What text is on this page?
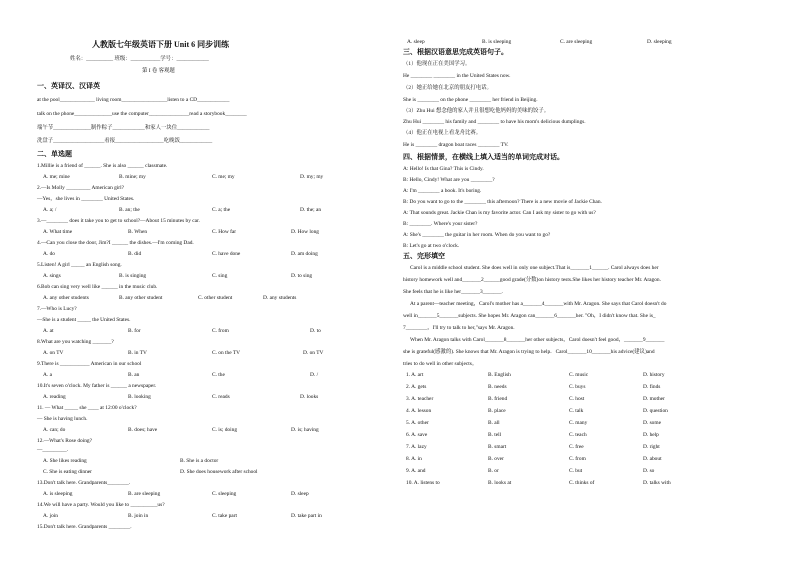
人教版七年级英语下册 Unit 6 同步训练
姓名：__________ 班级：___________学号：____________
第 I 卷 客观题
一、英译汉、汉译英
at the pool_____________ living room_________________listen to a CD____________
talk on the phone______________use the computer_______________read a storybook________
端午节______________制作粽子____________和家人一块住____________
洗盘子___________________看报__________________吃晚饭____________
二、单选题
1.Millie is a friend of ______. She is also ______ classmate.
A. me; mine	B. mine; my	C. me; my	D. my; my
2.—Is Molly _________ American girl?
—Yes，she lives in ________ United States.
A. a; /	B. an; the	C. a; the	D. the; an
3.—________ does it take you to get to school?—About 15 minutes by car.
A. What time	B. When	C. How far	D. How long
4.—Can you close the door, Jim?I ______ the dishes.—I'm coming Dad.
A. do	B. did	C. have done	D. am doing
5.Listen! A girl _____ an English song.
A. sings	B. is singing	C. sing	D. to sing
6.Bob can sing very well like ______ in the music club.
A. any other students	B. any other student	C. other student	D. any students
7.—Who is Lucy?
—She is a student _____ the United States.
A. at	B. for	C. from	D. to
8.What are you watching _______?
A. on TV	B. in TV	C. on the TV	D. on TV
9.There is ___________ American in our school
A. a	B. an	C. the	D. /
10.It's seven o'clock. My father is ______ a newspaper.
A. reading	B. looking	C. reads	D. looks
11. — What _____ she ____ at 12:00 o'clock?
— She is having lunch.
A. can; do	B. does; have	C. is; doing	D. is; having
12.—What's Rose doing?
—_________.
A. She likes reading	B. She is a doctor
C. She is eating dinner	D. She does housework after school
13.Don't talk here. Grandparents________.
A. is sleeping	B. are sleeping	C. sleeping	D. sleep
14.We will have a party. Would you like to __________us?
A. join	B. join in	C. take part	D. take part in
15.Don't talk here. Grandparents ________.
A. sleep	B. is sleeping	C. are sleeping	D. sleeping
三、根据汉语意思完成英语句子。
（1）他现在正在美国学习。
He ________ ________ in the United States now.
（2）她正给她在北京的朋友打电话。
She is ________ on the phone ________ her friend in Beijing.
（3）Zhu Hui 想念他的家人并且很想吃他妈妈的美味的饺子。
Zhu Hui ________ his family and ________ to have his mom's delicious dumplings.
（4）他正在电视上看龙舟比赛。
He is ________ dragon boat races ________ TV.
四、根据情景，在横线上填入适当的单词完成对话。
A: Hello! Is that Gina? This is Cindy.
B: Hello, Cindy! What are you ________?
A: I'm ________ a book. It's boring.
B: Do you want to go to the ________ this afternoon? There is a new movie of Jackie Chan.
A: That sounds great. Jackie Chan is my favorite actor. Can I ask my sister to go with us?
B: ________. Where's your sister?
A: She's ________ the guitar in her room. When do you want to go?
B: Let's go at two o'clock.
五、完形填空
Carol is a middle school student. She does well in only one subject.That is_______1______. Carol always does her
history homework well and_______2______good grade(分数)on history tests.She likes her history teacher Mr. Aragon.
She feels that he is like her_______3_______.
At a parent—teacher meeting，Carol's mother has a_______4_______with Mr. Aragon. She says that Carol doesn't do
well in_______5_______subjects. She hopes Mr. Aragon can_______6_______her. "Oh，I didn't know that. She is_
7________，I'll try to talk to her,"says Mr. Aragon.
When Mr. Aragon talks with Carol_______8_______her other subjects，Carol doesn't feel good，_______9_______
she is grateful(感激的). She knows that Mr. Aragon is trying to help．Carol_______10_______his advice(建议)and
tries to do well in other subjects。
1. A. art	B. English	C. music	D. history
2. A. gets	B. needs	C. buys	D. finds
3. A. teacher	B. friend	C. host	D. mother
4. A. lesson	B. place	C. talk	D. question
5. A. other	B. all	C. many	D. some
6. A. save	B. tell	C. teach	D. help
7. A. lazy	B. smart	C. free	D. right
8. A. in	B. over	C. from	D. about
9. A. and	B. or	C. but	D. so
10. A. listens to	B. looks at	C. thinks of	D. talks with
